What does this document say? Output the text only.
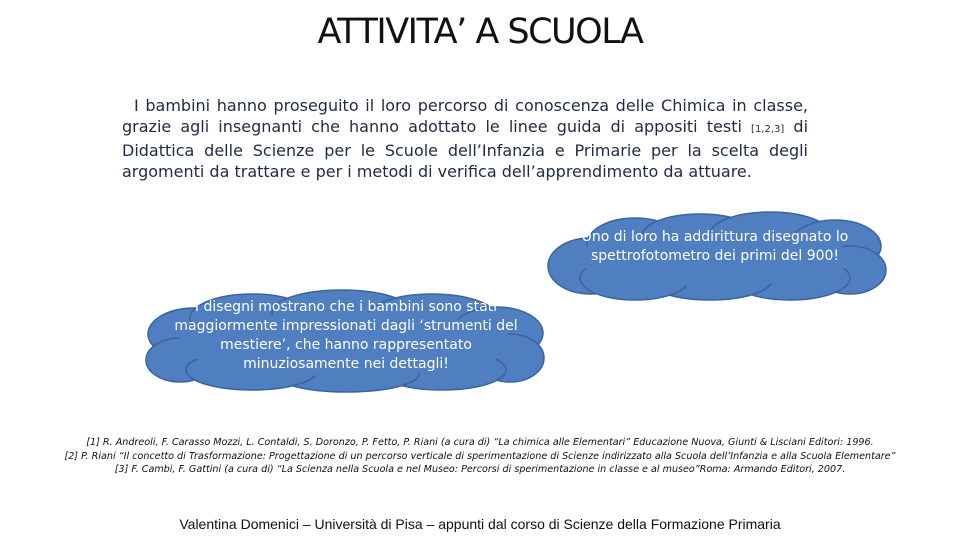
ATTIVITA’ A SCUOLA
I bambini hanno proseguito il loro percorso di conoscenza delle Chimica in classe, grazie agli insegnanti che hanno adottato le linee guida di appositi testi [1,2,3] di Didattica delle Scienze per le Scuole dell’Infanzia e Primarie per la scelta degli argomenti da trattare e per i metodi di verifica dell’apprendimento da attuare.
Uno di loro ha addirittura disegnato lo
spettrofotometro dei primi del 900!
I disegni mostrano che i bambini sono stati
maggiormente impressionati dagli ‘strumenti del
mestiere’, che hanno rappresentato
minuziosamente nei dettagli!
[1] R. Andreoli, F. Carasso Mozzi, L. Contaldi, S. Doronzo, P. Fetto, P. Riani (a cura di) “La chimica alle Elementari” Educazione Nuova, Giunti & Lisciani Editori: 1996.
[2] P. Riani “Il concetto di Trasformazione: Progettazione di un percorso verticale di sperimentazione di Scienze indirizzato alla Scuola dell’Infanzia e alla Scuola Elementare”
[3] F. Cambi, F. Gattini (a cura di) “La Scienza nella Scuola e nel Museo: Percorsi di sperimentazione in classe e al museo”Roma: Armando Editori, 2007.
Valentina Domenici – Università di Pisa – appunti dal corso di Scienze della Formazione Primaria
